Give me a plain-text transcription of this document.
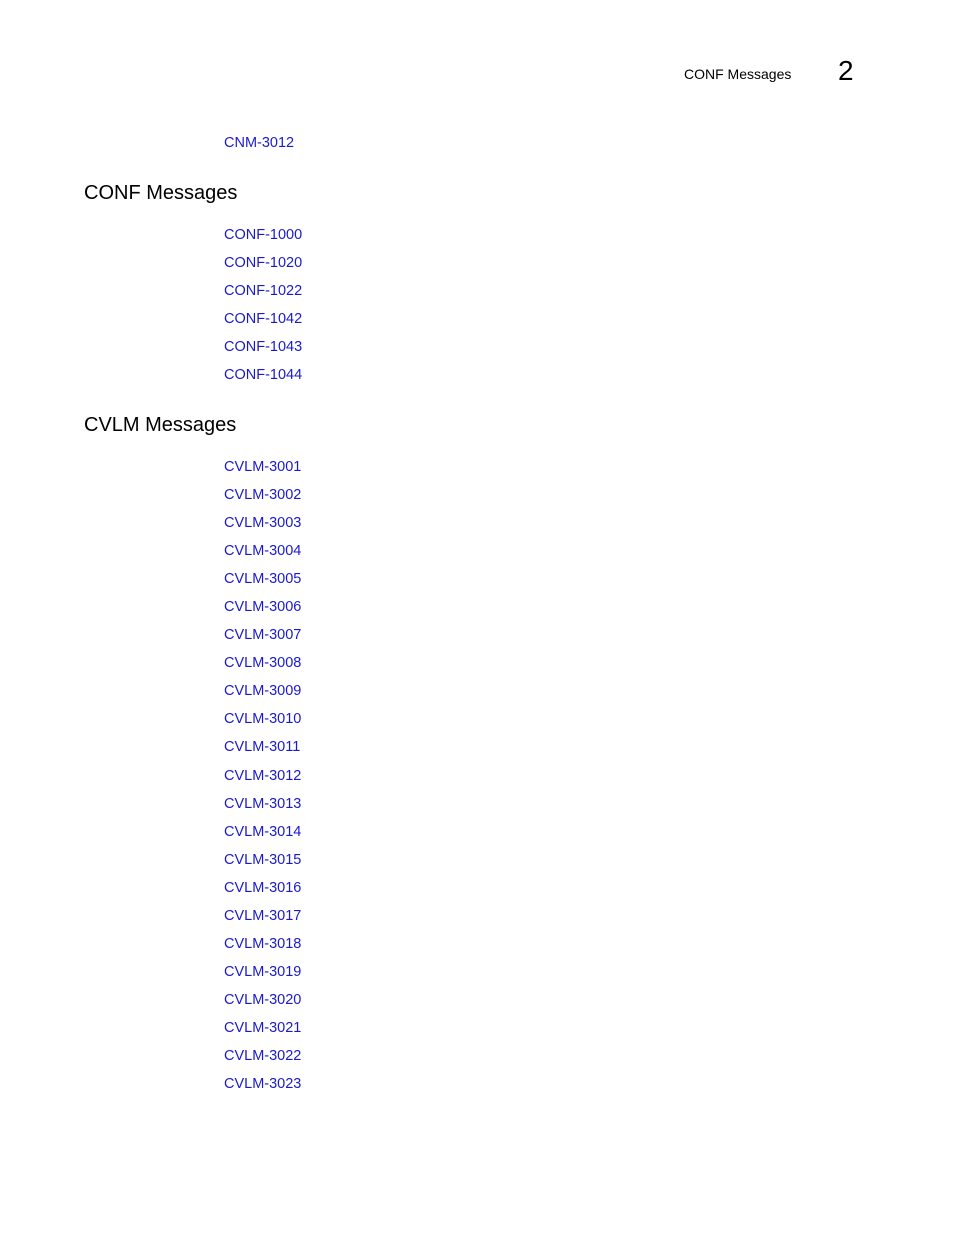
CONF Messages 2
CNM-3012
CONF Messages
CONF-1000
CONF-1020
CONF-1022
CONF-1042
CONF-1043
CONF-1044
CVLM Messages
CVLM-3001
CVLM-3002
CVLM-3003
CVLM-3004
CVLM-3005
CVLM-3006
CVLM-3007
CVLM-3008
CVLM-3009
CVLM-3010
CVLM-3011
CVLM-3012
CVLM-3013
CVLM-3014
CVLM-3015
CVLM-3016
CVLM-3017
CVLM-3018
CVLM-3019
CVLM-3020
CVLM-3021
CVLM-3022
CVLM-3023
